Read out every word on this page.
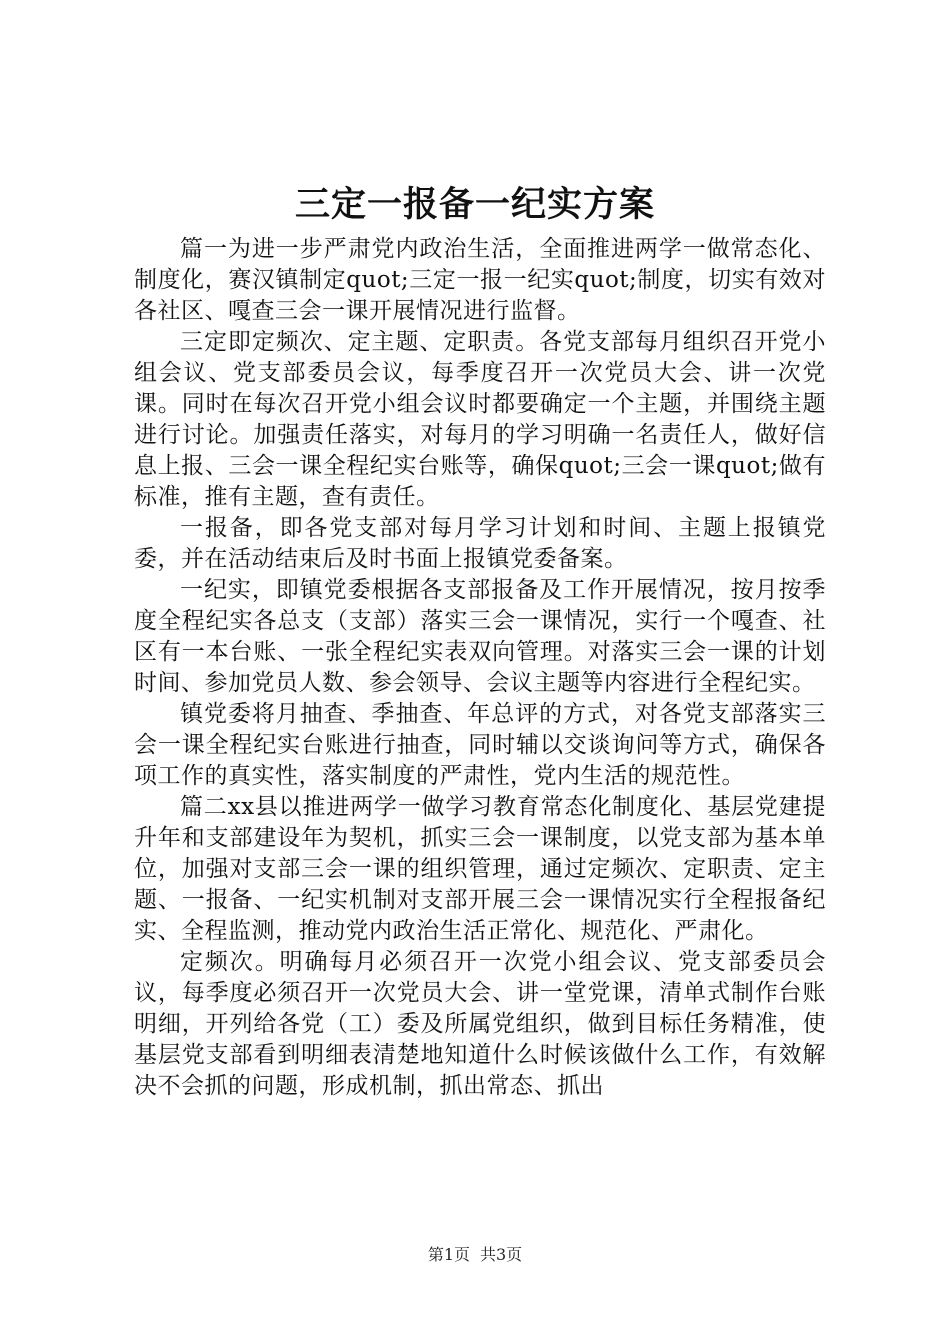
三定一报备一纪实方案

篇一为进一步严肃党内政治生活，全面推进两学一做常态化、制度化，赛汉镇制定quot;三定一报一纪实quot;制度，切实有效对各社区、嘎查三会一课开展情况进行监督。

三定即定频次、定主题、定职责。各党支部每月组织召开党小组会议、党支部委员会议，每季度召开一次党员大会、讲一次党课。同时在每次召开党小组会议时都要确定一个主题，并围绕主题进行讨论。加强责任落实，对每月的学习明确一名责任人，做好信息上报、三会一课全程纪实台账等，确保quot;三会一课quot;做有标准，推有主题，查有责任。

一报备，即各党支部对每月学习计划和时间、主题上报镇党委，并在活动结束后及时书面上报镇党委备案。

一纪实，即镇党委根据各支部报备及工作开展情况，按月按季度全程纪实各总支（支部）落实三会一课情况，实行一个嘎查、社区有一本台账、一张全程纪实表双向管理。对落实三会一课的计划时间、参加党员人数、参会领导、会议主题等内容进行全程纪实。

镇党委将月抽查、季抽查、年总评的方式，对各党支部落实三会一课全程纪实台账进行抽查，同时辅以交谈询问等方式，确保各项工作的真实性，落实制度的严肃性，党内生活的规范性。

篇二xx县以推进两学一做学习教育常态化制度化、基层党建提升年和支部建设年为契机，抓实三会一课制度，以党支部为基本单位，加强对支部三会一课的组织管理，通过定频次、定职责、定主题、一报备、一纪实机制对支部开展三会一课情况实行全程报备纪实、全程监测，推动党内政治生活正常化、规范化、严肃化。

定频次。明确每月必须召开一次党小组会议、党支部委员会议，每季度必须召开一次党员大会、讲一堂党课，清单式制作台账明细，开列给各党（工）委及所属党组织，做到目标任务精准，使基层党支部看到明细表清楚地知道什么时候该做什么工作，有效解决不会抓的问题，形成机制，抓出常态、抓出

第1页 共3页
